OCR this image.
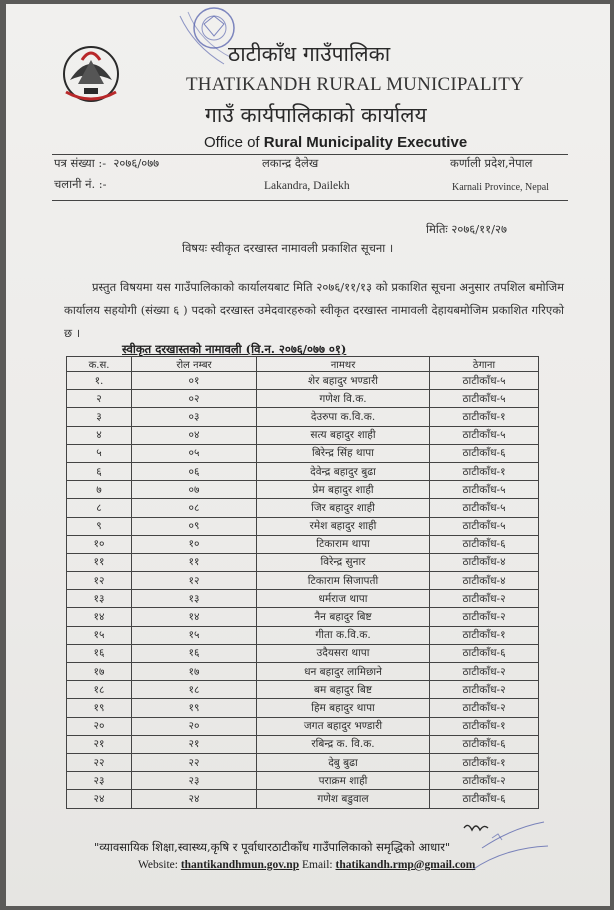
ठाटीकाँध गाउँपालिका
THATIKANDH RURAL MUNICIPALITY
गाउँ कार्यपालिकाको कार्यालय
Office of Rural Municipality Executive
पत्र संख्या :- २०७६/०७७
चलानी नं. :-
लकान्द्र दैलेख
Lakandra, Dailekh
कर्णाली प्रदेश,नेपाल
Karnali Province, Nepal
मितिः २०७६/११/२७
विषयः स्वीकृत दरखास्त नामावली प्रकाशित सूचना ।
प्रस्तुत विषयमा यस गाउँपालिकाको कार्यालयबाट मिति २०७६/११/१३ को प्रकाशित सूचना अनुसार तपशिल बमोजिम कार्यालय सहयोगी (संख्या ६ ) पदको दरखास्त उमेदवारहरुको स्वीकृत दरखास्त नामावली देहायबमोजिम प्रकाशित गरिएको छ ।
स्वीकृत दरखास्तको नामावली (वि.न. २०७६/०७७ ०१)
क.स.	रोल नम्बर	नामथर	ठेगाना
१.	०१	शेर बहादुर भण्डारी	ठाटीकाँध-५
२	०२	गणेश वि.क.	ठाटीकाँध-५
३	०३	देउरुपा क.वि.क.	ठाटीकाँध-१
४	०४	सत्य बहादुर शाही	ठाटीकाँध-५
५	०५	बिरेन्द्र सिंह थापा	ठाटीकाँध-६
६	०६	देवेन्द्र बहादुर बुढा	ठाटीकाँध-१
७	०७	प्रेम बहादुर शाही	ठाटीकाँध-५
८	०८	जिर बहादुर शाही	ठाटीकाँध-५
९	०९	रमेश बहादुर शाही	ठाटीकाँध-५
१०	१०	टिकाराम थापा	ठाटीकाँध-६
११	११	विरेन्द्र सुनार	ठाटीकाँध-४
१२	१२	टिकाराम सिजापती	ठाटीकाँध-४
१३	१३	धर्मराज थापा	ठाटीकाँध-२
१४	१४	नैन बहादुर बिष्ट	ठाटीकाँध-२
१५	१५	गीता क.वि.क.	ठाटीकाँध-१
१६	१६	उदैयसरा थापा	ठाटीकाँध-६
१७	१७	धन बहादुर लामिछाने	ठाटीकाँध-२
१८	१८	बम बहादुर बिष्ट	ठाटीकाँध-२
१९	१९	हिम बहादुर थापा	ठाटीकाँध-२
२०	२०	जगत बहादुर भण्डारी	ठाटीकाँध-१
२१	२१	रबिन्द्र क. वि.क.	ठाटीकाँध-६
२२	२२	देबु बुढा	ठाटीकाँध-१
२३	२३	पराक्रम शाही	ठाटीकाँध-२
२४	२४	गणेश बडुवाल	ठाटीकाँध-६
"व्यावसायिक शिक्षा,स्वास्थ्य,कृषि र पूर्वाधारठाटीकाँध गाउँपालिकाको समृद्धिको आधार"
Website: thantikandhmun.gov.np Email: thatikandh.rmp@gmail.com
